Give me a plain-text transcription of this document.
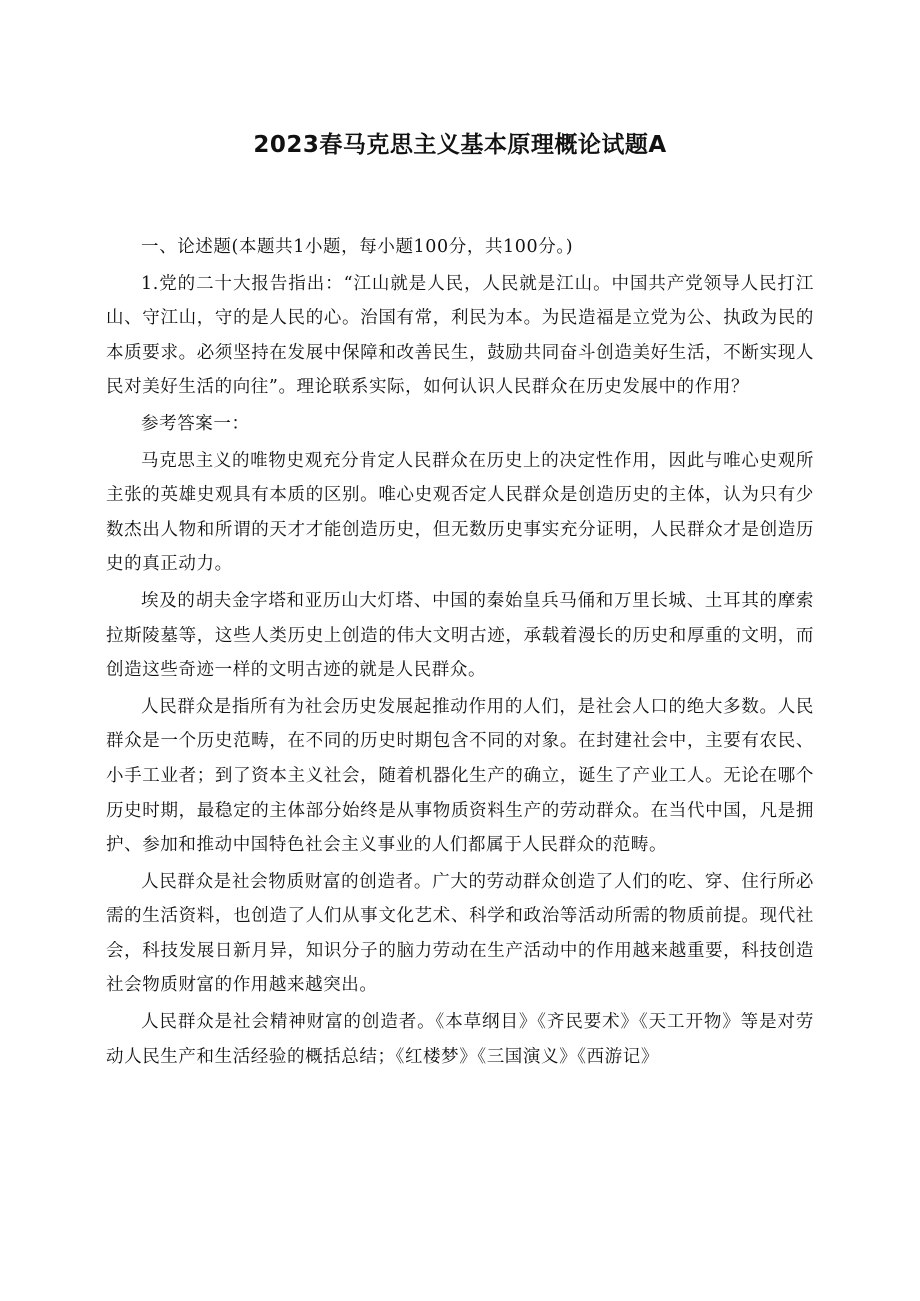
2023春马克思主义基本原理概论试题A

一、论述题(本题共1小题，每小题100分，共100分。)

1.党的二十大报告指出：“江山就是人民，人民就是江山。中国共产党领导人民打江山、守江山，守的是人民的心。治国有常，利民为本。为民造福是立党为公、执政为民的本质要求。必须坚持在发展中保障和改善民生，鼓励共同奋斗创造美好生活，不断实现人民对美好生活的向往”。理论联系实际，如何认识人民群众在历史发展中的作用？

参考答案一：

马克思主义的唯物史观充分肯定人民群众在历史上的决定性作用，因此与唯心史观所主张的英雄史观具有本质的区别。唯心史观否定人民群众是创造历史的主体，认为只有少数杰出人物和所谓的天才才能创造历史，但无数历史事实充分证明，人民群众才是创造历史的真正动力。

埃及的胡夫金字塔和亚历山大灯塔、中国的秦始皇兵马俑和万里长城、土耳其的摩索拉斯陵墓等，这些人类历史上创造的伟大文明古迹，承载着漫长的历史和厚重的文明，而创造这些奇迹一样的文明古迹的就是人民群众。

人民群众是指所有为社会历史发展起推动作用的人们，是社会人口的绝大多数。人民群众是一个历史范畴，在不同的历史时期包含不同的对象。在封建社会中，主要有农民、小手工业者；到了资本主义社会，随着机器化生产的确立，诞生了产业工人。无论在哪个历史时期，最稳定的主体部分始终是从事物质资料生产的劳动群众。在当代中国，凡是拥护、参加和推动中国特色社会主义事业的人们都属于人民群众的范畴。

人民群众是社会物质财富的创造者。广大的劳动群众创造了人们的吃、穿、住行所必需的生活资料，也创造了人们从事文化艺术、科学和政治等活动所需的物质前提。现代社会，科技发展日新月异，知识分子的脑力劳动在生产活动中的作用越来越重要，科技创造社会物质财富的作用越来越突出。

人民群众是社会精神财富的创造者。《本草纲目》《齐民要术》《天工开物》等是对劳动人民生产和生活经验的概括总结；《红楼梦》《三国演义》《西游记》
